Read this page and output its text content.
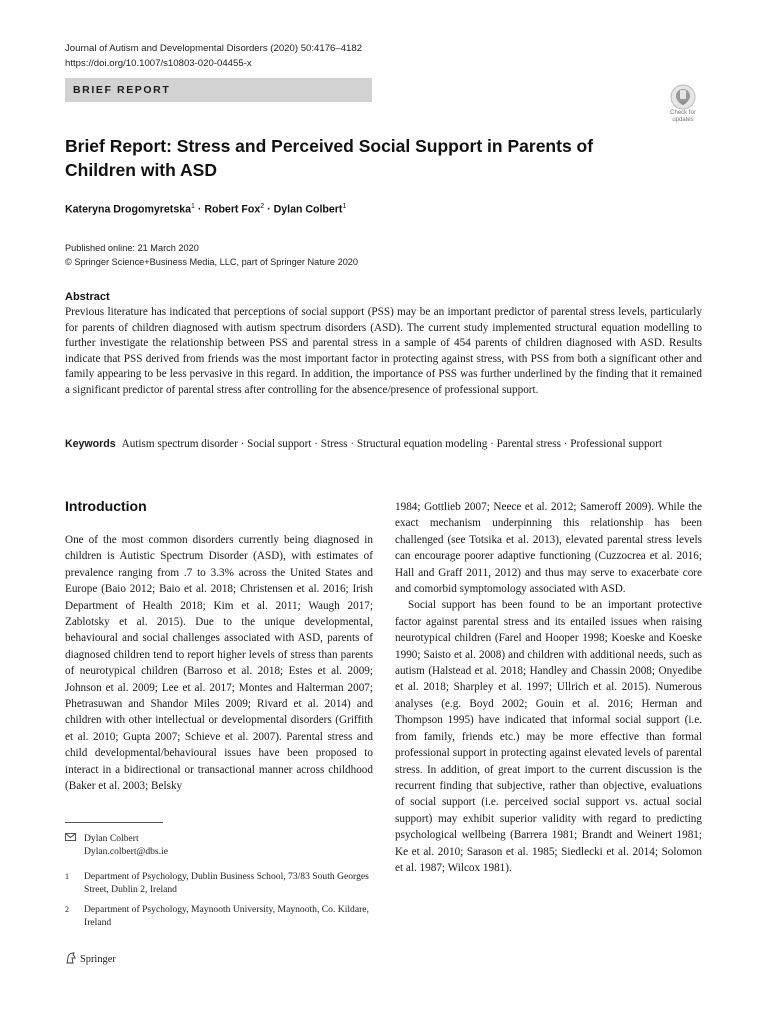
Journal of Autism and Developmental Disorders (2020) 50:4176–4182
https://doi.org/10.1007/s10803-020-04455-x
BRIEF REPORT
Check for
updates
Brief Report: Stress and Perceived Social Support in Parents of Children with ASD
Kateryna Drogomyretska$^1$ · Robert Fox$^2$ · Dylan Colbert$^1$
Published online: 21 March 2020
© Springer Science+Business Media, LLC, part of Springer Nature 2020
Abstract
Previous literature has indicated that perceptions of social support (PSS) may be an important predictor of parental stress levels, particularly for parents of children diagnosed with autism spectrum disorders (ASD). The current study implemented structural equation modelling to further investigate the relationship between PSS and parental stress in a sample of 454 parents of children diagnosed with ASD. Results indicate that PSS derived from friends was the most important factor in protecting against stress, with PSS from both a significant other and family appearing to be less pervasive in this regard. In addition, the importance of PSS was further underlined by the finding that it remained a significant predictor of parental stress after controlling for the absence/presence of professional support.
Keywords Autism spectrum disorder · Social support · Stress · Structural equation modeling · Parental stress · Professional support
Introduction

One of the most common disorders currently being diagnosed in children is Autistic Spectrum Disorder (ASD), with estimates of prevalence ranging from .7 to 3.3% across the United States and Europe (Baio 2012; Baio et al. 2018; Christensen et al. 2016; Irish Department of Health 2018; Kim et al. 2011; Waugh 2017; Zablotsky et al. 2015). Due to the unique developmental, behavioural and social challenges associated with ASD, parents of diagnosed children tend to report higher levels of stress than parents of neurotypical children (Barroso et al. 2018; Estes et al. 2009; Johnson et al. 2009; Lee et al. 2017; Montes and Halterman 2007; Phetrasuwan and Shandor Miles 2009; Rivard et al. 2014) and children with other intellectual or developmental disorders (Griffith et al. 2010; Gupta 2007; Schieve et al. 2007). Parental stress and child developmental/behavioural issues have been proposed to interact in a bidirectional or transactional manner across childhood (Baker et al. 2003; Belsky

1984; Gottlieb 2007; Neece et al. 2012; Sameroff 2009). While the exact mechanism underpinning this relationship has been challenged (see Totsika et al. 2013), elevated parental stress levels can encourage poorer adaptive functioning (Cuzzocrea et al. 2016; Hall and Graff 2011, 2012) and thus may serve to exacerbate core and comorbid symptomology associated with ASD.

Social support has been found to be an important protective factor against parental stress and its entailed issues when raising neurotypical children (Farel and Hooper 1998; Koeske and Koeske 1990; Saisto et al. 2008) and children with additional needs, such as autism (Halstead et al. 2018; Handley and Chassin 2008; Onyedibe et al. 2018; Sharpley et al. 1997; Ullrich et al. 2015). Numerous analyses (e.g. Boyd 2002; Gouin et al. 2016; Herman and Thompson 1995) have indicated that informal social support (i.e. from family, friends etc.) may be more effective than formal professional support in protecting against elevated levels of parental stress. In addition, of great import to the current discussion is the recurrent finding that subjective, rather than objective, evaluations of social support (i.e. perceived social support vs. actual social support) may exhibit superior validity with regard to predicting psychological wellbeing (Barrera 1981; Brandt and Weinert 1981; Ke et al. 2010; Sarason et al. 1985; Siedlecki et al. 2014; Solomon et al. 1987; Wilcox 1981).

Dylan Colbert
Dylan.colbert@dbs.ie
1 Department of Psychology, Dublin Business School, 73/83 South Georges Street, Dublin 2, Ireland
2 Department of Psychology, Maynooth University, Maynooth, Co. Kildare, Ireland
Springer
